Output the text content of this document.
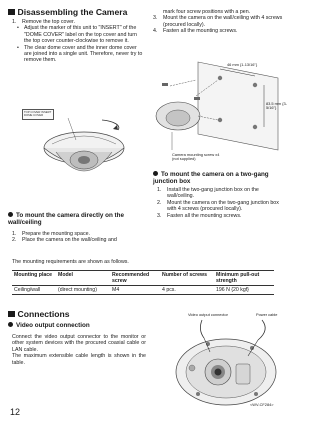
Disassembling the Camera
1. Remove the top cover.
• Adjust the marker of this unit to "INSERT" of the "DOME COVER" label on the top cover and turn the top cover counter-clockwise to remove it.
• The clear dome cover and the inner dome cover are joined into a single unit. Therefore, never try to remove them.
TOP COVER INSERT DOME COVER
To mount the camera directly on the wall/ceiling
1. Prepare the mounting space.
2. Place the camera on the wall/ceiling and
mark four screw positions with a pen.
3. Mount the camera on the wall/ceiling with 4 screws (procured locally).
4. Fasten all the mounting screws.
46 mm {1-13/16"}
83.5 mm {3-5/16"}
Camera mounting screw x4
(not supplied)
To mount the camera on a two-gang junction box
1. Install the two-gang junction box on the wall/ceiling.
2. Mount the camera on the two-gang junction box with 4 screws (procured locally).
3. Fasten all the mounting screws.
The mounting requirements are shown as follows.
Mounting place	Model	Recommended screw	Number of screws	Minimum pull-out strength
Ceiling/wall	(direct mounting)	M4	4 pcs.	196 N {20 kgf}
Connections
Video output connection
Connect the video output connector to the monitor or other system devices with the procured coaxial cable or LAN cable.
The maximum extensible cable length is shown in the table.
Video output connector	Power cable
<WV-CF284>
12
